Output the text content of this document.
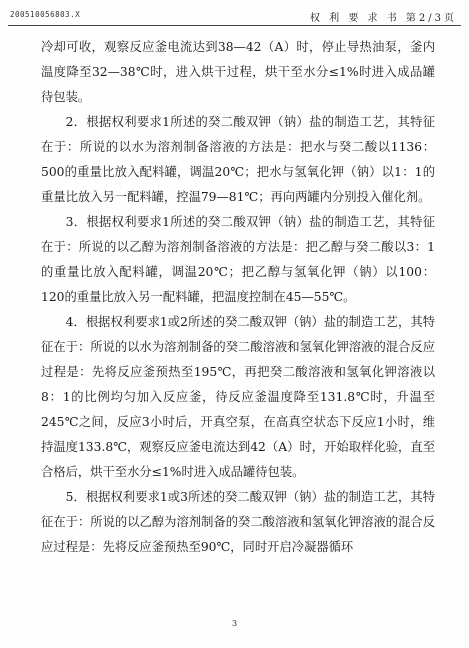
200510056803.X	权 利 要 求 书 第2/3页

冷却可收，观察反应釜电流达到38—42（A）时，停止导热油泵，釜内温度降至32—38℃时，进入烘干过程，烘干至水分≤1%时进入成品罐待包装。

2．根据权利要求1所述的癸二酸双钾（钠）盐的制造工艺，其特征在于：所说的以水为溶剂制备溶液的方法是：把水与癸二酸以1136：500的重量比放入配料罐，调温20℃；把水与氢氧化钾（钠）以1：1的重量比放入另一配料罐，控温79—81℃；再向两罐内分别投入催化剂。

3．根据权利要求1所述的癸二酸双钾（钠）盐的制造工艺，其特征在于：所说的以乙醇为溶剂制备溶液的方法是：把乙醇与癸二酸以3：1的重量比放入配料罐，调温20℃；把乙醇与氢氧化钾（钠）以100：120的重量比放入另一配料罐，把温度控制在45—55℃。

4．根据权利要求1或2所述的癸二酸双钾（钠）盐的制造工艺，其特征在于：所说的以水为溶剂制备的癸二酸溶液和氢氧化钾溶液的混合反应过程是：先将反应釜预热至195℃，再把癸二酸溶液和氢氧化钾溶液以8：1的比例均匀加入反应釜，待反应釜温度降至131.8℃时，升温至245℃之间，反应3小时后，开真空泵，在高真空状态下反应1小时，维持温度133.8℃，观察反应釜电流达到42（A）时，开始取样化验，直至合格后，烘干至水分≤1%时进入成品罐待包装。

5．根据权利要求1或3所述的癸二酸双钾（钠）盐的制造工艺，其特征在于：所说的以乙醇为溶剂制备的癸二酸溶液和氢氧化钾溶液的混合反应过程是：先将反应釜预热至90℃，同时开启冷凝器循环

3
